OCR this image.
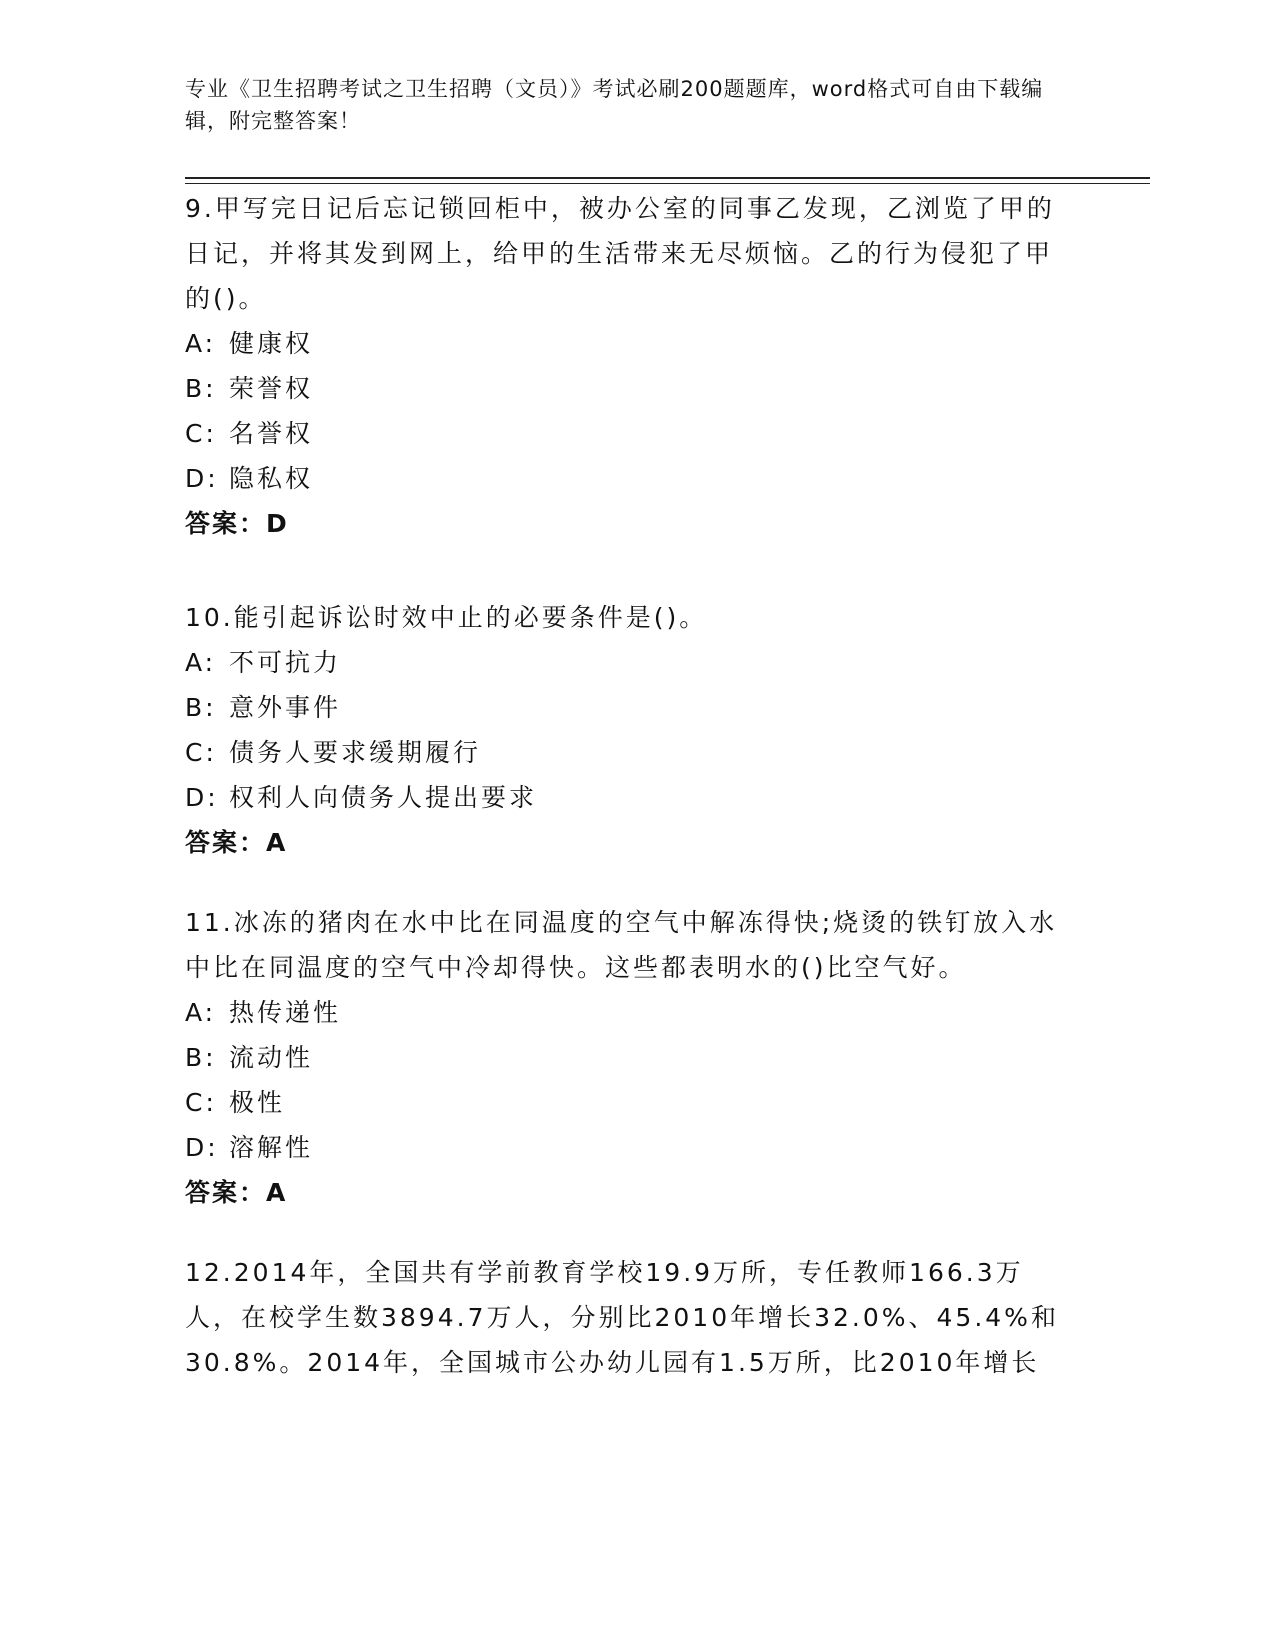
专业《卫生招聘考试之卫生招聘（文员）》考试必刷200题题库，word格式可自由下载编辑，附完整答案！
9.甲写完日记后忘记锁回柜中，被办公室的同事乙发现，乙浏览了甲的日记，并将其发到网上，给甲的生活带来无尽烦恼。乙的行为侵犯了甲的()。
A: 健康权
B: 荣誉权
C: 名誉权
D: 隐私权
答案：D
10.能引起诉讼时效中止的必要条件是()。
A: 不可抗力
B: 意外事件
C: 债务人要求缓期履行
D: 权利人向债务人提出要求
答案：A
11.冰冻的猪肉在水中比在同温度的空气中解冻得快;烧烫的铁钉放入水中比在同温度的空气中冷却得快。这些都表明水的()比空气好。
A: 热传递性
B: 流动性
C: 极性
D: 溶解性
答案：A
12.2014年，全国共有学前教育学校19.9万所，专任教师166.3万人，在校学生数3894.7万人，分别比2010年增长32.0%、45.4%和30.8%。2014年，全国城市公办幼儿园有1.5万所，比2010年增长
